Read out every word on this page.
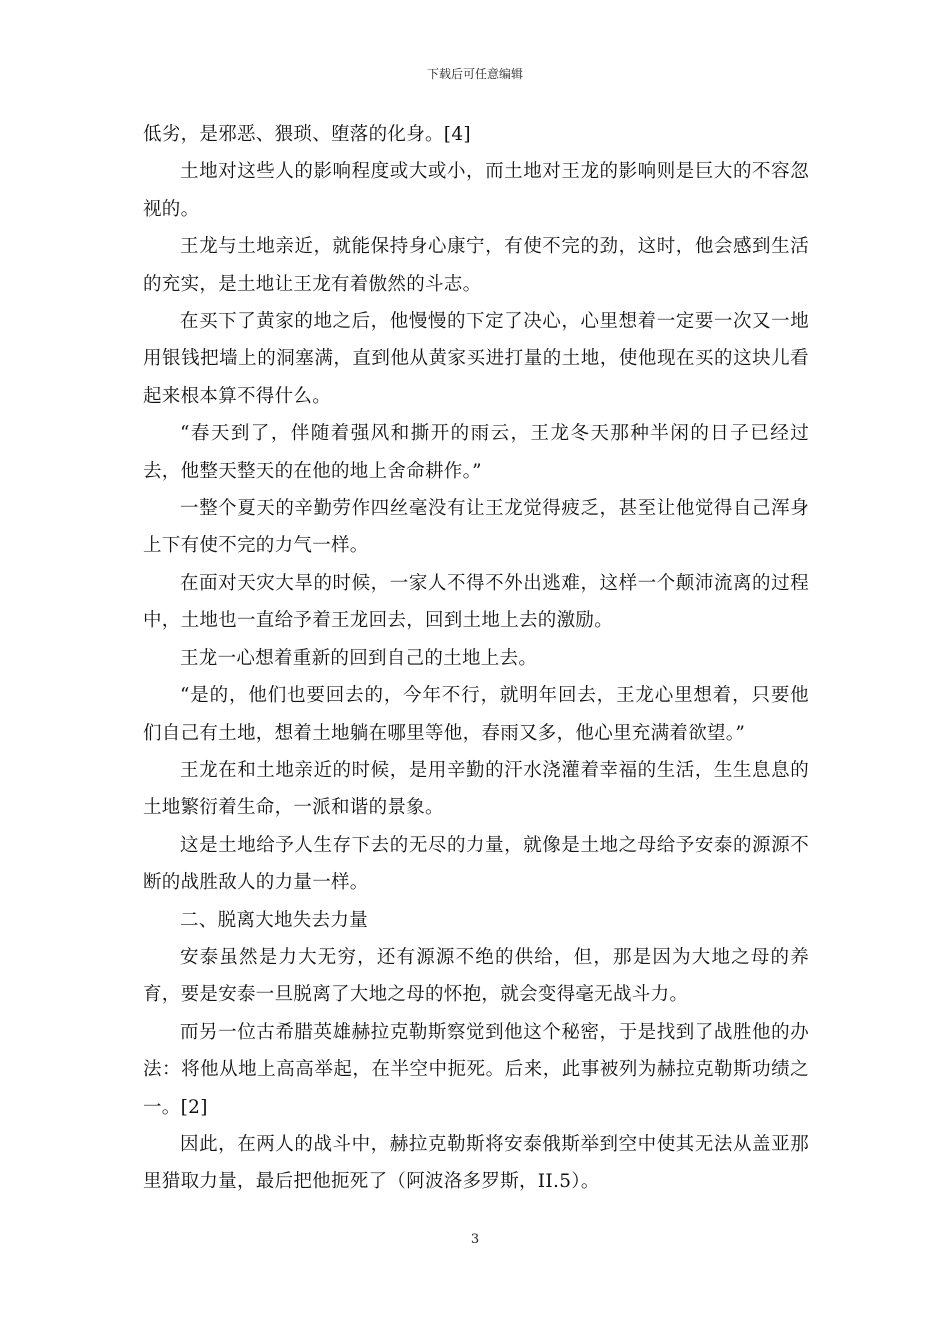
下载后可任意编辑

低劣，是邪恶、猥琐、堕落的化身。[4]

土地对这些人的影响程度或大或小，而土地对王龙的影响则是巨大的不容忽视的。

王龙与土地亲近，就能保持身心康宁，有使不完的劲，这时，他会感到生活的充实，是土地让王龙有着傲然的斗志。

在买下了黄家的地之后，他慢慢的下定了决心，心里想着一定要一次又一地用银钱把墙上的洞塞满，直到他从黄家买进打量的土地，使他现在买的这块儿看起来根本算不得什么。

“春天到了，伴随着强风和撕开的雨云，王龙冬天那种半闲的日子已经过去，他整天整天的在他的地上舍命耕作。”

一整个夏天的辛勤劳作四丝毫没有让王龙觉得疲乏，甚至让他觉得自己浑身上下有使不完的力气一样。

在面对天灾大旱的时候，一家人不得不外出逃难，这样一个颠沛流离的过程中，土地也一直给予着王龙回去，回到土地上去的激励。

王龙一心想着重新的回到自己的土地上去。

“是的，他们也要回去的，今年不行，就明年回去，王龙心里想着，只要他们自己有土地，想着土地躺在哪里等他，春雨又多，他心里充满着欲望。”

王龙在和土地亲近的时候，是用辛勤的汗水浇灌着幸福的生活，生生息息的土地繁衍着生命，一派和谐的景象。

这是土地给予人生存下去的无尽的力量，就像是土地之母给予安泰的源源不断的战胜敌人的力量一样。

二、脱离大地失去力量

安泰虽然是力大无穷，还有源源不绝的供给，但，那是因为大地之母的养育，要是安泰一旦脱离了大地之母的怀抱，就会变得毫无战斗力。

而另一位古希腊英雄赫拉克勒斯察觉到他这个秘密，于是找到了战胜他的办法：将他从地上高高举起，在半空中扼死。后来，此事被列为赫拉克勒斯功绩之一。[2]

因此，在两人的战斗中，赫拉克勒斯将安泰俄斯举到空中使其无法从盖亚那里猎取力量，最后把他扼死了（阿波洛多罗斯，II.5）。

3
